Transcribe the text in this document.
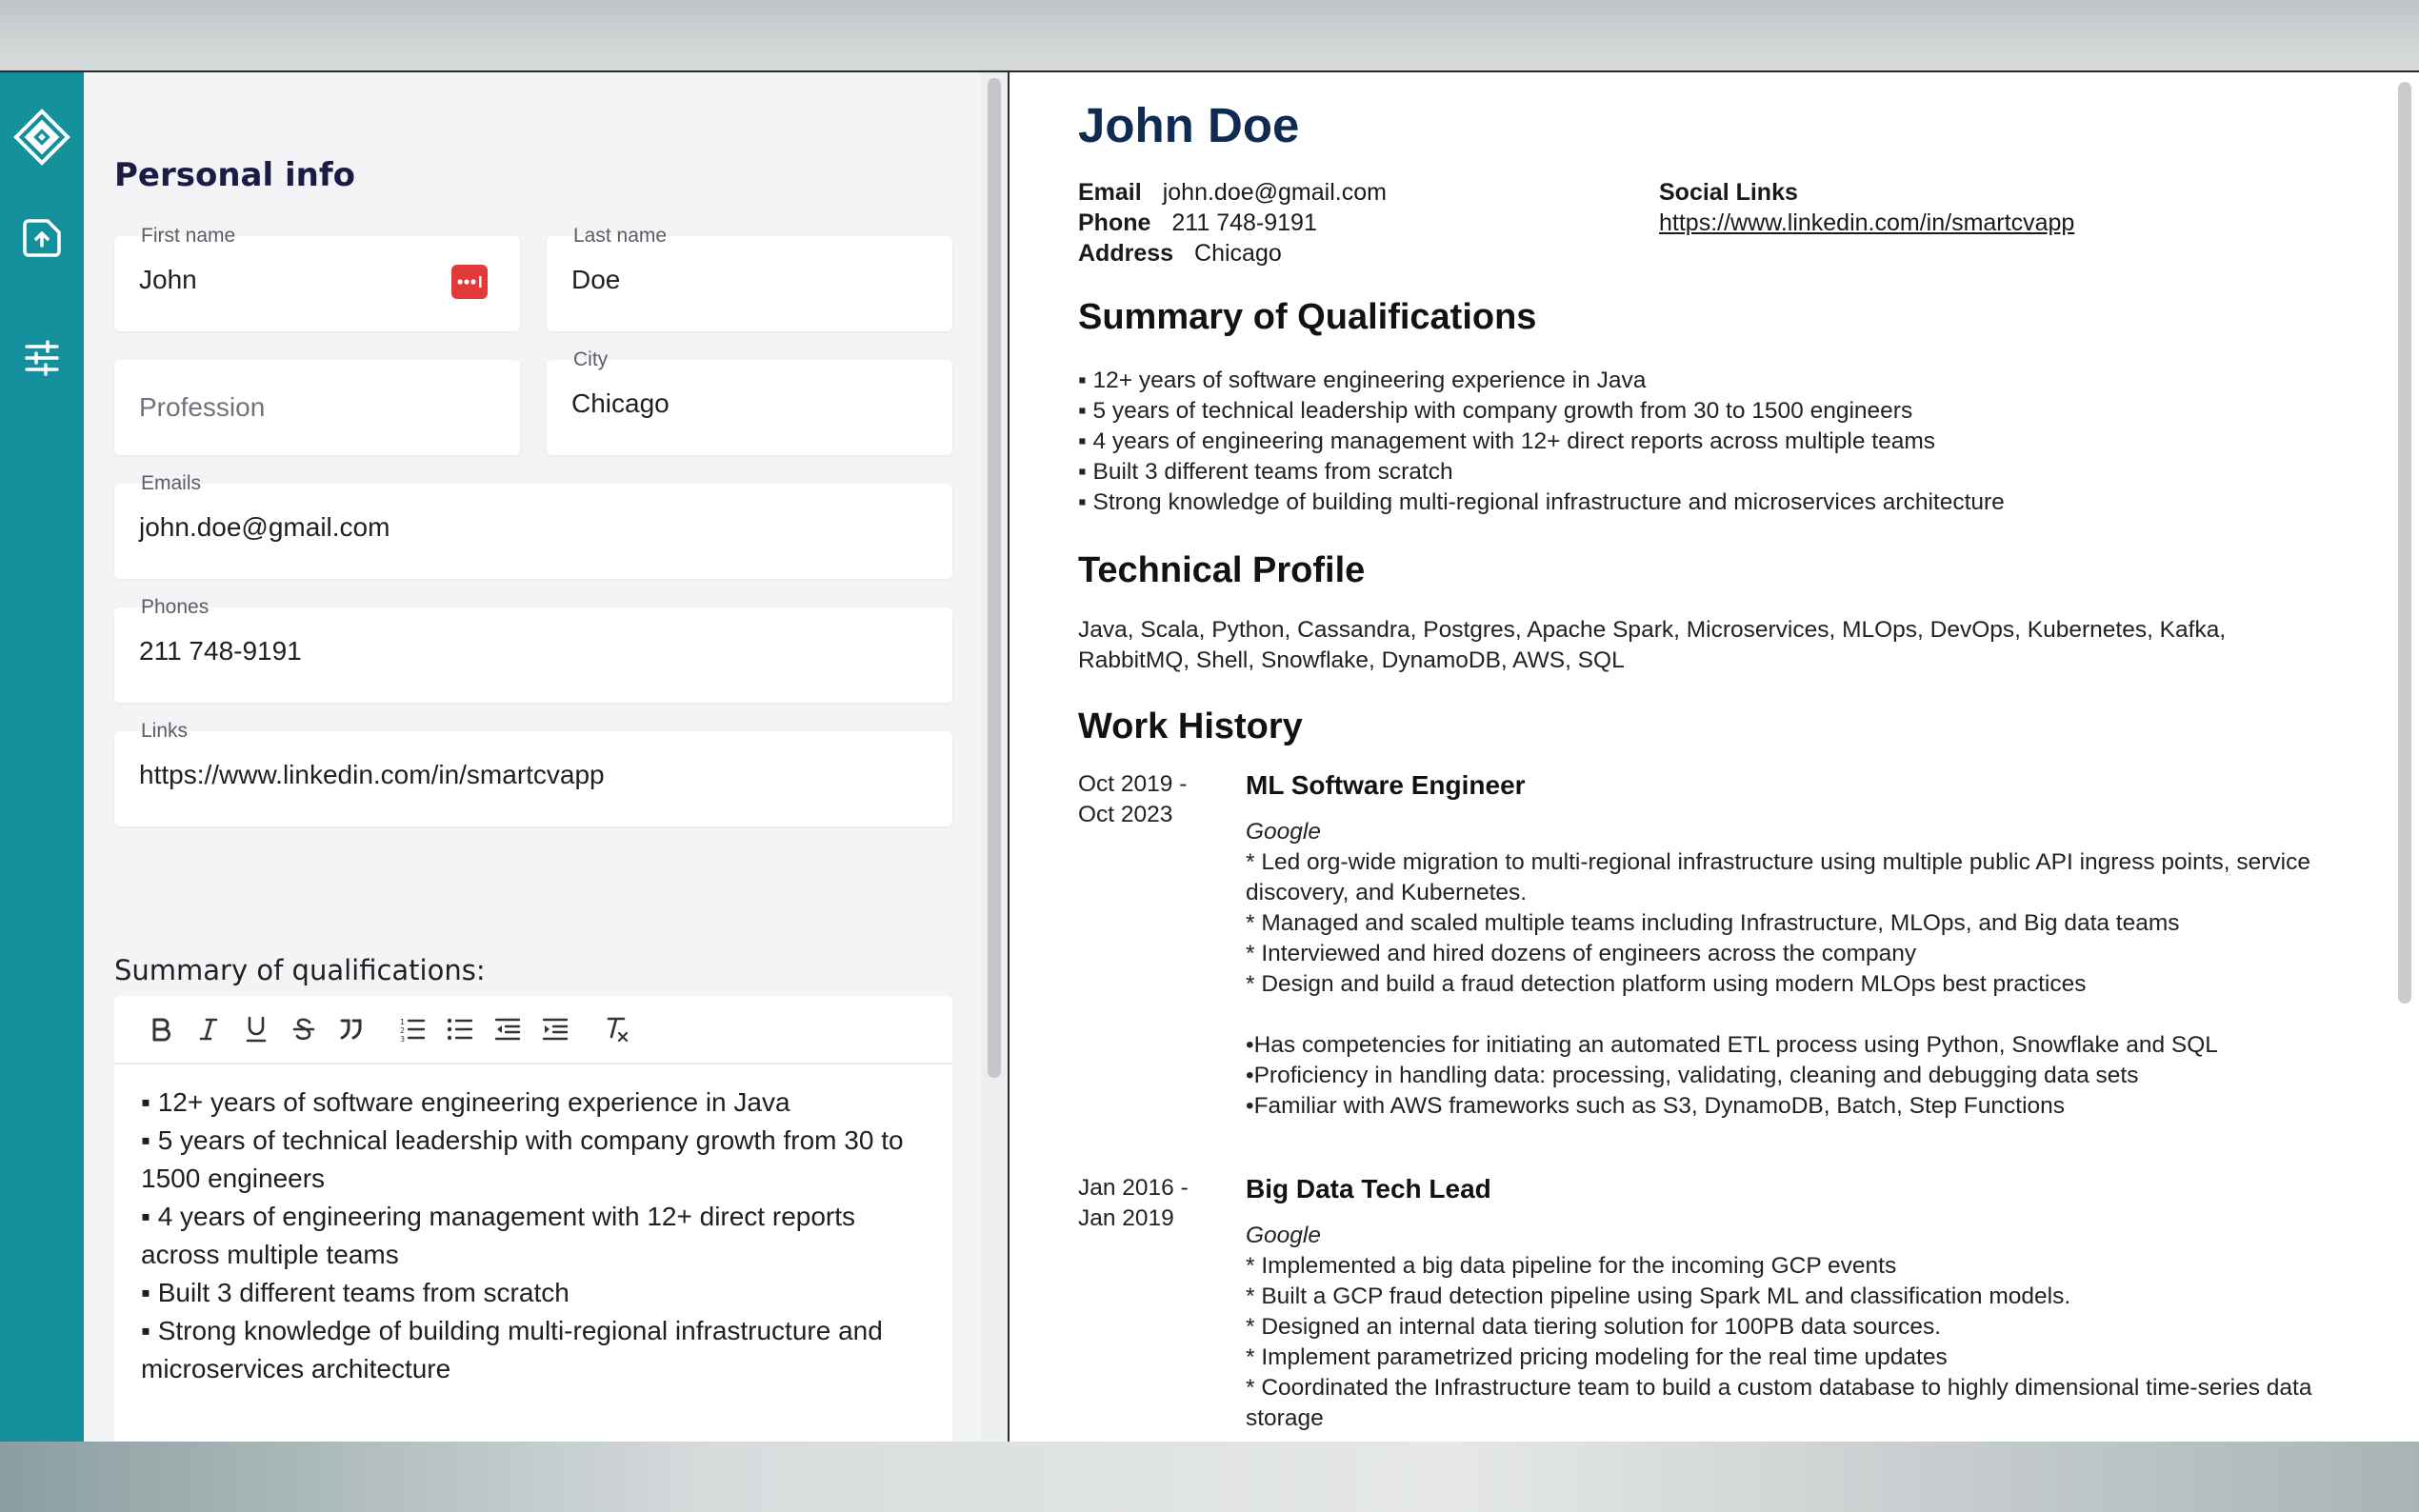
Personal info
First name
John
Last name
Doe
Profession
City
Chicago
Emails
john.doe@gmail.com
Phones
211 748-9191
Links
https://www.linkedin.com/in/smartcvapp
Summary of qualifications:
1
2
3
▪ 12+ years of software engineering experience in Java
▪ 5 years of technical leadership with company growth from 30 to 1500 engineers
▪ 4 years of engineering management with 12+ direct reports across multiple teams
▪ Built 3 different teams from scratch
▪ Strong knowledge of building multi-regional infrastructure and microservices architecture
John Doe
Email john.doe@gmail.com
Phone 211 748-9191
Address Chicago
Social Links
https://www.linkedin.com/in/smartcvapp
Summary of Qualifications
▪ 12+ years of software engineering experience in Java
▪ 5 years of technical leadership with company growth from 30 to 1500 engineers
▪ 4 years of engineering management with 12+ direct reports across multiple teams
▪ Built 3 different teams from scratch
▪ Strong knowledge of building multi-regional infrastructure and microservices architecture
Technical Profile
Java, Scala, Python, Cassandra, Postgres, Apache Spark, Microservices, MLOps, DevOps, Kubernetes, Kafka, RabbitMQ, Shell, Snowflake, DynamoDB, AWS, SQL
Work History
Oct 2019 -
Oct 2023
ML Software Engineer
Google
* Led org-wide migration to multi-regional infrastructure using multiple public API ingress points, service discovery, and Kubernetes.
* Managed and scaled multiple teams including Infrastructure, MLOps, and Big data teams
* Interviewed and hired dozens of engineers across the company
* Design and build a fraud detection platform using modern MLOps best practices
•Has competencies for initiating an automated ETL process using Python, Snowflake and SQL
•Proficiency in handling data: processing, validating, cleaning and debugging data sets
•Familiar with AWS frameworks such as S3, DynamoDB, Batch, Step Functions
Jan 2016 -
Jan 2019
Big Data Tech Lead
Google
* Implemented a big data pipeline for the incoming GCP events
* Built a GCP fraud detection pipeline using Spark ML and classification models.
* Designed an internal data tiering solution for 100PB data sources.
* Implement parametrized pricing modeling for the real time updates
* Coordinated the Infrastructure team to build a custom database to highly dimensional time-series data storage
